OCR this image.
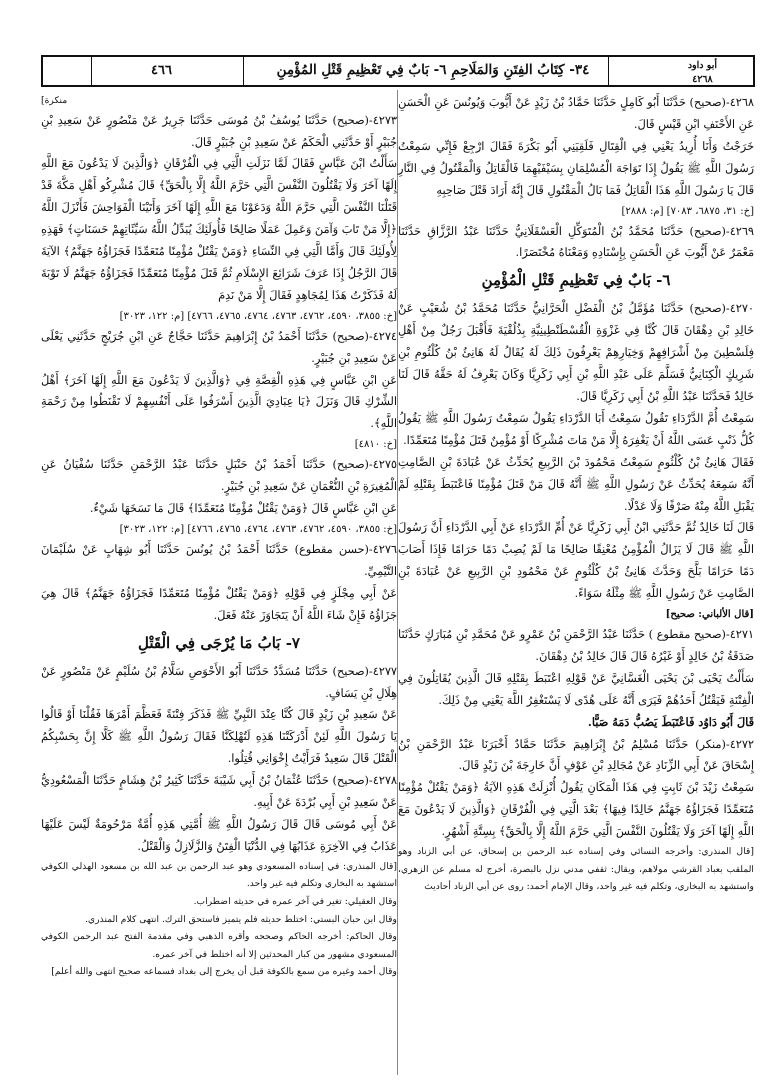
٤٦٦	٣٤- كِتَابُ الفِتَنِ وَالمَلَاحِمِ ٦- بَابٌ فِي تَعْظِيمِ قَتْلِ المُؤْمِنِ	أبو داود
٤٢٦٨

٤٢٦٨-(صحيح) حَدَّثَنَا أَبُو كَامِلٍ حَدَّثَنَا حَمَّادُ بْنُ زَيْدٍ عَنْ أَيُّوبَ وَيُونُسَ عَنِ الْحَسَنِ عَنِ الأَحْنَفِ ابْنِ قَيْسٍ قَالَ.

خَرَجْتُ وَأَنَا أُرِيدُ يَعْنِي فِي الْقِتَالِ فَلَقِيَنِي أَبُو بَكْرَةَ فَقَالَ ارْجِعْ فَإِنِّي سَمِعْتُ رَسُولَ اللَّهِ ﷺ يَقُولُ إِذَا تَوَاجَهَ الْمُسْلِمَانِ بِسَيْفَيْهِمَا فَالْقَاتِلُ وَالْمَقْتُولُ فِي النَّارِ قَالَ يَا رَسُولَ اللَّهِ هَذَا الْقَاتِلُ فَمَا بَالُ الْمَقْتُولِ قَالَ إِنَّهُ أَرَادَ قَتْلَ صَاحِبِهِ

[خ: ٣١، ٦٨٧٥، ٧٠٨٣] [م: ٢٨٨٨]

٤٢٦٩-(صحيح) حَدَّثَنَا مُحَمَّدُ بْنُ الْمُتَوَكِّلِ الْعَسْقَلَانِيُّ حَدَّثَنَا عَبْدُ الرَّزَّاقِ حَدَّثَنَا مَعْمَرٌ عَنْ أَيُّوبَ عَنِ الْحَسَنِ بِإِسْنَادِهِ وَمَعْنَاهُ مُخْتَصَرًا.

٦- بَابٌ فِي تَعْظِيمِ قَتْلِ الْمُؤْمِنِ

٤٢٧٠-(صحيح) حَدَّثَنَا مُؤَمَّلُ بْنُ الْفَضْلِ الْحَرَّانِيُّ حَدَّثَنَا مُحَمَّدُ بْنُ شُعَيْبٍ عَنْ خَالِدِ بْنِ دِهْقَانَ قَالَ كُنَّا فِي غَزْوَةِ الْقُسْطَنْطِينِيَّةِ بِذُلُقْيَةَ فَأَقْبَلَ رَجُلٌ مِنْ أَهْلِ فِلَسْطِينَ مِنْ أَشْرَافِهِمْ وَخِيَارِهِمْ يَعْرِفُونَ ذَلِكَ لَهُ يُقَالُ لَهُ هَانِئُ بْنُ كُلْثُومِ بْنِ شَرِيكٍ الْكِنَانِيُّ فَسَلَّمَ عَلَى عَبْدِ اللَّهِ بْنِ أَبِي زَكَرِيَّا وَكَانَ يَعْرِفُ لَهُ حَقَّهُ قَالَ لَنَا خَالِدٌ فَحَدَّثَنَا عَبْدُ اللَّهِ بْنُ أَبِي زَكَرِيَّا قَالَ.

سَمِعْتُ أُمَّ الدَّرْدَاءِ تَقُولُ سَمِعْتُ أَبَا الدَّرْدَاءِ يَقُولُ سَمِعْتُ رَسُولَ اللَّهِ ﷺ يَقُولُ كُلُّ ذَنْبٍ عَسَى اللَّهُ أَنْ يَغْفِرَهُ إِلَّا مَنْ مَاتَ مُشْرِكًا أَوْ مُؤْمِنٌ قَتَلَ مُؤْمِنًا مُتَعَمِّدًا.

فَقَالَ هَانِئُ بْنُ كُلْثُومٍ سَمِعْتُ مَحْمُودَ بْنَ الرَّبِيعِ يُحَدِّثُ عَنْ عُبَادَةَ بْنِ الصَّامِتِ أَنَّهُ سَمِعَهُ يُحَدِّثُ عَنْ رَسُولِ اللَّهِ ﷺ أَنَّهُ قَالَ مَنْ قَتَلَ مُؤْمِنًا فَاعْتَبَطَ بِقَتْلِهِ لَمْ يَقْبَلِ اللَّهُ مِنْهُ صَرْفًا وَلَا عَدْلًا.

قَالَ لَنَا خَالِدٌ ثُمَّ حَدَّثَنِي ابْنُ أَبِي زَكَرِيَّا عَنْ أُمِّ الدَّرْدَاءِ عَنْ أَبِي الدَّرْدَاءِ أَنَّ رَسُولَ اللَّهِ ﷺ قَالَ لَا يَزَالُ الْمُؤْمِنُ مُعْنِقًا صَالِحًا مَا لَمْ يُصِبْ دَمًا حَرَامًا فَإِذَا أَصَابَ دَمًا حَرَامًا بَلَّحَ وَحَدَّثَ هَانِئُ بْنُ كُلْثُومٍ عَنْ مَحْمُودِ بْنِ الرَّبِيعِ عَنْ عُبَادَةَ بْنِ الصَّامِتِ عَنْ رَسُولِ اللَّهِ ﷺ مِثْلَهُ سَوَاءً.

[قال الألباني: صحيح]

٤٢٧١-(صحيح مقطوع ) حَدَّثَنَا عَبْدُ الرَّحْمَنِ بْنُ عَمْرٍو عَنْ مُحَمَّدِ بْنِ مُبَارَكٍ حَدَّثَنَا صَدَقَةُ بْنُ خَالِدٍ أَوْ غَيْرُهُ قَالَ قَالَ خَالِدُ بْنُ دِهْقَانَ.

سَأَلْتُ يَحْيَى بْنَ يَحْيَى الْغَسَّانِيَّ عَنْ قَوْلِهِ اعْتَبَطَ بِقَتْلِهِ قَالَ الَّذِينَ يُقَاتِلُونَ فِي الْفِتْنَةِ فَيَقْتُلُ أَحَدُهُمْ فَيَرَى أَنَّهُ عَلَى هُدًى لَا يَسْتَغْفِرُ اللَّهَ يَعْنِي مِنْ ذَلِكَ.

قَالَ أَبُو دَاوُد فَاعْتَبَطَ يَصُبُّ دَمَهُ صَبًّا.

٤٢٧٢-(منكر) حَدَّثَنَا مُسْلِمُ بْنُ إِبْرَاهِيمَ حَدَّثَنَا حَمَّادٌ أَخْبَرَنَا عَبْدُ الرَّحْمَنِ بْنُ إِسْحَاقَ عَنْ أَبِي الزِّنَادِ عَنْ مُجَالِدِ بْنِ عَوْفٍ أَنَّ خَارِجَةَ بْنَ زَيْدٍ قَالَ.

سَمِعْتُ زَيْدَ بْنَ ثَابِتٍ فِي هَذَا الْمَكَانِ يَقُولُ أُنْزِلَتْ هَذِهِ الآيَةُ ﴿وَمَنْ يَقْتُلْ مُؤْمِنًا مُتَعَمِّدًا فَجَزَاؤُهُ جَهَنَّمُ خَالِدًا فِيهَا﴾ بَعْدَ الَّتِي فِي الْفُرْقَانِ ﴿وَالَّذِينَ لَا يَدْعُونَ مَعَ اللَّهِ إِلَهًا آخَرَ وَلَا يَقْتُلُونَ النَّفْسَ الَّتِي حَرَّمَ اللَّهُ إِلَّا بِالْحَقِّ﴾ بِسِتَّةِ أَشْهُرٍ.

[قال المنذري: وأخرجه النسائي وفي إسناده عبد الرحمن بن إسحاق، عن أبي الزناد وهو الملقب بعباد القرشي مولاهم، ويقال: ثقفي مدني نزل بالبصرة، أخرج له مسلم عن الزهري، واستشهد به البخاري، وتكلم فيه غير واحد، وقال الإمام أحمد: روى عن أبي الزناد أحاديث

منكرة]

٤٢٧٣-(صحيح) حَدَّثَنَا يُوسُفُ بْنُ مُوسَى حَدَّثَنَا جَرِيرٌ عَنْ مَنْصُورٍ عَنْ سَعِيدِ بْنِ جُبَيْرٍ أَوْ حَدَّثَنِي الْحَكَمُ عَنْ سَعِيدِ بْنِ جُبَيْرٍ قَالَ.

سَأَلْتُ ابْنَ عَبَّاسٍ فَقَالَ لَمَّا نَزَلَتِ الَّتِي فِي الْفُرْقَانِ ﴿وَالَّذِينَ لَا يَدْعُونَ مَعَ اللَّهِ إِلَهًا آخَرَ وَلَا يَقْتُلُونَ النَّفْسَ الَّتِي حَرَّمَ اللَّهُ إِلَّا بِالْحَقِّ﴾ قَالَ مُشْرِكُو أَهْلِ مَكَّةَ قَدْ قَتَلْنَا النَّفْسَ الَّتِي حَرَّمَ اللَّهُ وَدَعَوْنَا مَعَ اللَّهِ إِلَهًا آخَرَ وَأَتَيْنَا الْفَوَاحِشَ فَأَنْزَلَ اللَّهُ ﴿إِلَّا مَنْ تَابَ وَآمَنَ وَعَمِلَ عَمَلًا صَالِحًا فَأُولَئِكَ يُبَدِّلُ اللَّهُ سَيِّئَاتِهِمْ حَسَنَاتٍ﴾ فَهَذِهِ لِأُولَئِكَ قَالَ وَأَمَّا الَّتِي فِي النِّسَاءِ ﴿وَمَنْ يَقْتُلْ مُؤْمِنًا مُتَعَمِّدًا فَجَزَاؤُهُ جَهَنَّمُ﴾ الآيَةَ قَالَ الرَّجُلُ إِذَا عَرَفَ شَرَائِعَ الإِسْلَامِ ثُمَّ قَتَلَ مُؤْمِنًا مُتَعَمِّدًا فَجَزَاؤُهُ جَهَنَّمُ لَا تَوْبَةَ لَهُ فَذَكَرْتُ هَذَا لِمُجَاهِدٍ فَقَالَ إِلَّا مَنْ نَدِمَ

[خ: ٣٨٥٥، ٤٥٩٠، ٤٧٦٢، ٤٧٦٣، ٤٧٦٤، ٤٧٦٥، ٤٧٦٦] [م: ١٢٢، ٣٠٢٣]

٤٢٧٤-(صحيح) حَدَّثَنَا أَحْمَدُ بْنُ إِبْرَاهِيمَ حَدَّثَنَا حَجَّاجٌ عَنِ ابْنِ جُرَيْجٍ حَدَّثَنِي يَعْلَى عَنْ سَعِيدِ بْنِ جُبَيْرٍ.

عَنِ ابْنِ عَبَّاسٍ فِي هَذِهِ الْقِصَّةِ فِي ﴿وَالَّذِينَ لَا يَدْعُونَ مَعَ اللَّهِ إِلَهًا آخَرَ﴾ أَهْلُ الشِّرْكِ قَالَ وَنَزَلَ ﴿يَا عِبَادِيَ الَّذِينَ أَسْرَفُوا عَلَى أَنْفُسِهِمْ لَا تَقْنَطُوا مِنْ رَحْمَةِ اللَّهِ﴾.

[خ: ٤٨١٠]

٤٢٧٥-(صحيح) حَدَّثَنَا أَحْمَدُ بْنُ حَنْبَلٍ حَدَّثَنَا عَبْدُ الرَّحْمَنِ حَدَّثَنَا سُفْيَانُ عَنِ الْمُغِيرَةِ بْنِ النُّعْمَانِ عَنْ سَعِيدِ بْنِ جُبَيْرٍ.

عَنِ ابْنِ عَبَّاسٍ قَالَ ﴿وَمَنْ يَقْتُلْ مُؤْمِنًا مُتَعَمِّدًا﴾ قَالَ مَا نَسَخَهَا شَيْءٌ.

[خ: ٣٨٥٥، ٤٥٩٠، ٤٧٦٢، ٤٧٦٣، ٤٧٦٤، ٤٧٦٥، ٤٧٦٦] [م: ١٢٢، ٣٠٢٣]

٤٢٧٦-(حسن مقطوع) حَدَّثَنَا أَحْمَدُ بْنُ يُونُسَ حَدَّثَنَا أَبُو شِهَابٍ عَنْ سُلَيْمَانَ التَّيْمِيِّ.

عَنْ أَبِي مِجْلَزٍ فِي قَوْلِهِ ﴿وَمَنْ يَقْتُلْ مُؤْمِنًا مُتَعَمِّدًا فَجَزَاؤُهُ جَهَنَّمُ﴾ قَالَ هِيَ جَزَاؤُهُ فَإِنْ شَاءَ اللَّهُ أَنْ يَتَجَاوَزَ عَنْهُ فَعَلَ.

٧- بَابُ مَا يُرْجَى فِي الْقَتْلِ

٤٢٧٧-(صحيح) حَدَّثَنَا مُسَدَّدٌ حَدَّثَنَا أَبُو الأَحْوَصِ سَلَّامُ بْنُ سُلَيْمٍ عَنْ مَنْصُورٍ عَنْ هِلَالِ بْنِ يَسَافٍ.

عَنْ سَعِيدِ بْنِ زَيْدٍ قَالَ كُنَّا عِنْدَ النَّبِيِّ ﷺ فَذَكَرَ فِتْنَةً فَعَظَّمَ أَمْرَهَا فَقُلْنَا أَوْ قَالُوا يَا رَسُولَ اللَّهِ لَئِنْ أَدْرَكَتْنَا هَذِهِ لَتُهْلِكَنَّا فَقَالَ رَسُولُ اللَّهِ ﷺ كَلَّا إِنَّ بِحَسْبِكُمُ الْقَتْلَ قَالَ سَعِيدٌ فَرَأَيْتُ إِخْوَانِي قُتِلُوا.

٤٢٧٨-(صحيح) حَدَّثَنَا عُثْمَانُ بْنُ أَبِي شَيْبَةَ حَدَّثَنَا كَثِيرُ بْنُ هِشَامٍ حَدَّثَنَا الْمَسْعُودِيُّ عَنْ سَعِيدِ بْنِ أَبِي بُرْدَةَ عَنْ أَبِيهِ.

عَنْ أَبِي مُوسَى قَالَ قَالَ رَسُولُ اللَّهِ ﷺ أُمَّتِي هَذِهِ أُمَّةٌ مَرْحُومَةٌ لَيْسَ عَلَيْهَا عَذَابٌ فِي الآخِرَةِ عَذَابُهَا فِي الدُّنْيَا الْفِتَنُ وَالزَّلَازِلُ وَالْقَتْلُ.

[قال المنذري: في إسناده المسعودي وهو عبد الرحمن بن عبد الله بن مسعود الهذلي الكوفي استشهد به البخاري وتكلم فيه غير واحد.

وقال العقيلي: تغير في آخر عمره في حديثه اضطراب.

وقال ابن حبان البستي: اختلط حديثه فلم يتميز فاستحق الترك. انتهى كلام المنذري.

وقال الحاكم: أخرجه الحاكم وصححه وأقره الذهبي وفي مقدمة الفتح عبد الرحمن الكوفي المسعودي مشهور من كبار المحدثين إلا أنه اختلط في آخر عمره.

وقال أحمد وغيره من سمع بالكوفة قبل أن يخرج إلى بغداد فسماعه صحيح انتهى والله أعلم]
